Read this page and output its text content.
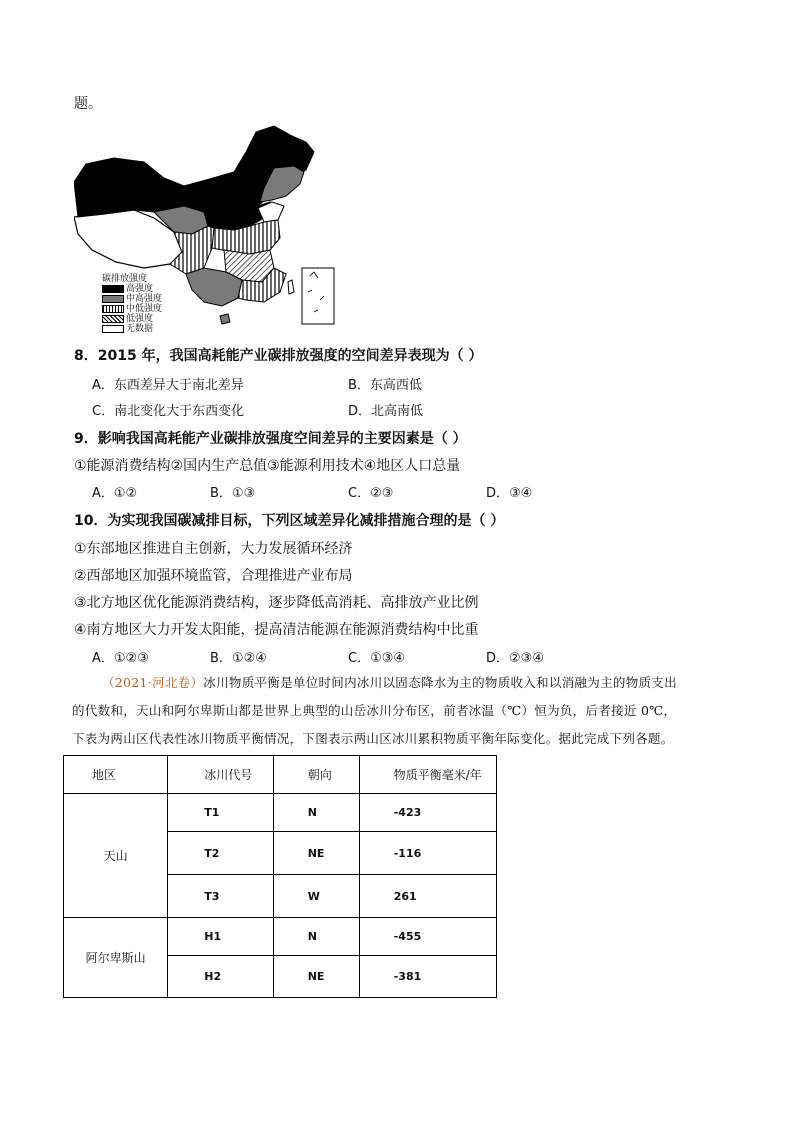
题。
碳排放强度
高强度
中高强度
中低强度
低强度
无数据
8．2015 年，我国高耗能产业碳排放强度的空间差异表现为（ ）
A．东西差异大于南北差异	B．东高西低
C．南北变化大于东西变化	D．北高南低
9．影响我国高耗能产业碳排放强度空间差异的主要因素是（ ）
①能源消费结构②国内生产总值③能源利用技术④地区人口总量
A．①②	B．①③	C．②③	D．③④
10．为实现我国碳减排目标，下列区域差异化减排措施合理的是（ ）
①东部地区推进自主创新，大力发展循环经济
②西部地区加强环境监管，合理推进产业布局
③北方地区优化能源消费结构，逐步降低高消耗、高排放产业比例
④南方地区大力开发太阳能，提高清洁能源在能源消费结构中比重
A．①②③	B．①②④	C．①③④	D．②③④
（2021·河北卷）冰川物质平衡是单位时间内冰川以固态降水为主的物质收入和以消融为主的物质支出
的代数和，天山和阿尔卑斯山都是世界上典型的山岳冰川分布区，前者冰温（℃）恒为负，后者接近 0℃，
下表为两山区代表性冰川物质平衡情况，下图表示两山区冰川累积物质平衡年际变化。据此完成下列各题。
地区	冰川代号	朝向	物质平衡毫米/年
天山	T1	N	-423
	T2	NE	-116
	T3	W	261
阿尔卑斯山	H1	N	-455
	H2	NE	-381
